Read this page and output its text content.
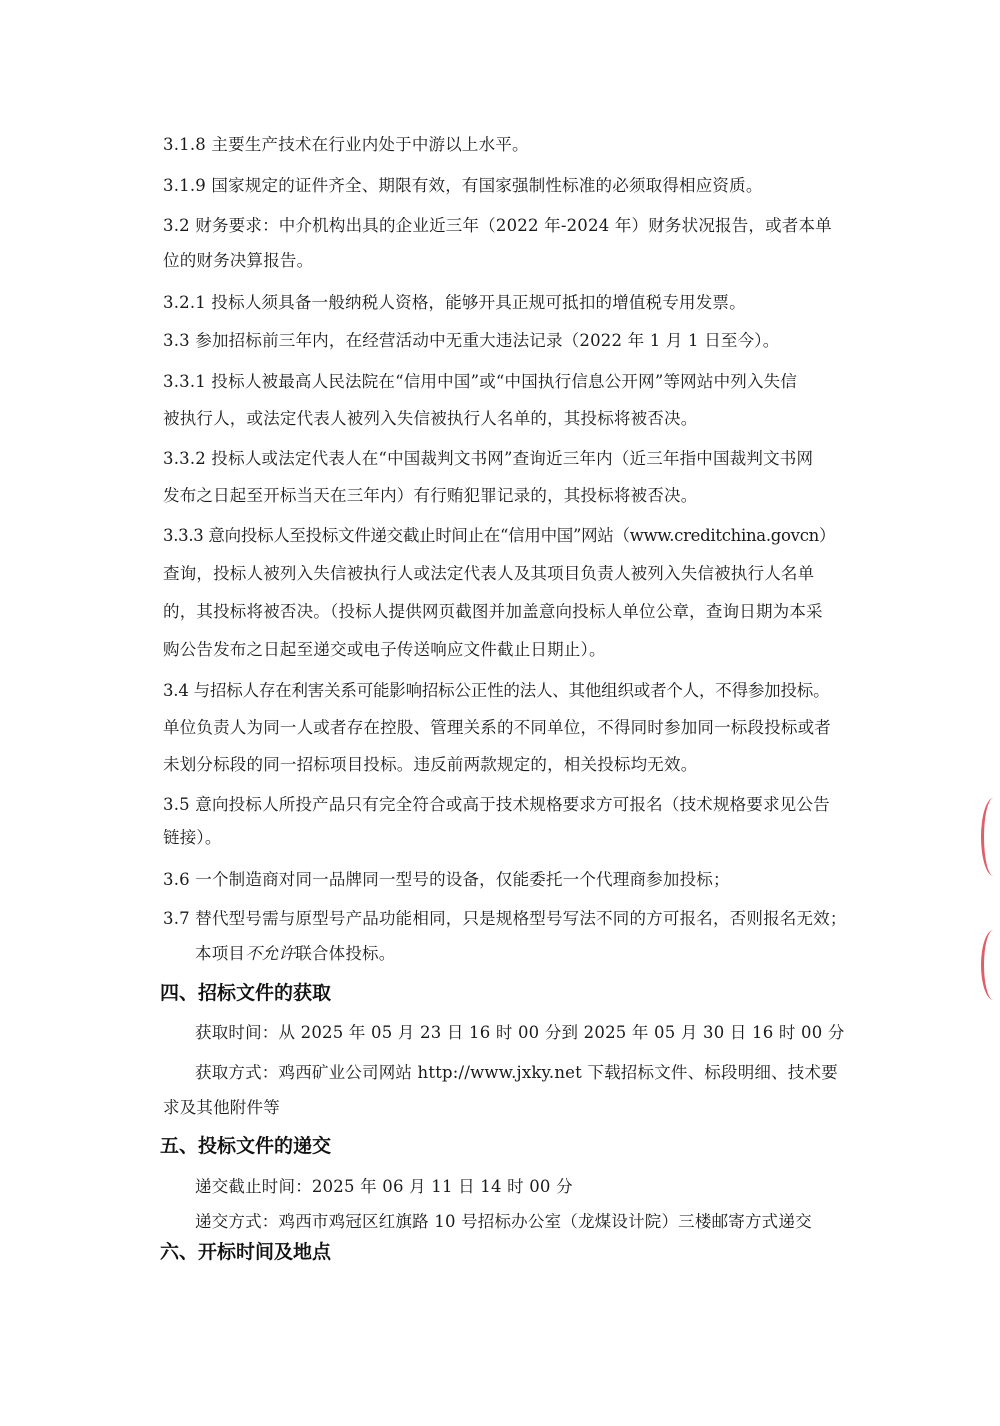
3.1.8 主要生产技术在行业内处于中游以上水平。
3.1.9 国家规定的证件齐全、期限有效，有国家强制性标准的必须取得相应资质。
3.2 财务要求：中介机构出具的企业近三年（2022 年-2024 年）财务状况报告，或者本单
位的财务决算报告。
3.2.1 投标人须具备一般纳税人资格，能够开具正规可抵扣的增值税专用发票。
3.3 参加招标前三年内，在经营活动中无重大违法记录（2022 年 1 月 1 日至今）。
3.3.1 投标人被最高人民法院在“信用中国”或“中国执行信息公开网”等网站中列入失信
被执行人，或法定代表人被列入失信被执行人名单的，其投标将被否决。
3.3.2 投标人或法定代表人在“中国裁判文书网”查询近三年内（近三年指中国裁判文书网
发布之日起至开标当天在三年内）有行贿犯罪记录的，其投标将被否决。
3.3.3 意向投标人至投标文件递交截止时间止在“信用中国”网站（www.creditchina.govcn）
查询，投标人被列入失信被执行人或法定代表人及其项目负责人被列入失信被执行人名单
的，其投标将被否决。（投标人提供网页截图并加盖意向投标人单位公章，查询日期为本采
购公告发布之日起至递交或电子传送响应文件截止日期止）。
3.4 与招标人存在利害关系可能影响招标公正性的法人、其他组织或者个人，不得参加投标。
单位负责人为同一人或者存在控股、管理关系的不同单位，不得同时参加同一标段投标或者
未划分标段的同一招标项目投标。违反前两款规定的，相关投标均无效。
3.5 意向投标人所投产品只有完全符合或高于技术规格要求方可报名（技术规格要求见公告
链接）。
3.6 一个制造商对同一品牌同一型号的设备，仅能委托一个代理商参加投标；
3.7 替代型号需与原型号产品功能相同，只是规格型号写法不同的方可报名，否则报名无效；
本项目不允许联合体投标。
四、招标文件的获取
获取时间：从 2025 年 05 月 23 日 16 时 00 分到 2025 年 05 月 30 日 16 时 00 分
获取方式：鸡西矿业公司网站 http://www.jxky.net 下载招标文件、标段明细、技术要
求及其他附件等
五、投标文件的递交
递交截止时间：2025 年 06 月 11 日 14 时 00 分
递交方式：鸡西市鸡冠区红旗路 10 号招标办公室（龙煤设计院）三楼邮寄方式递交
六、开标时间及地点
